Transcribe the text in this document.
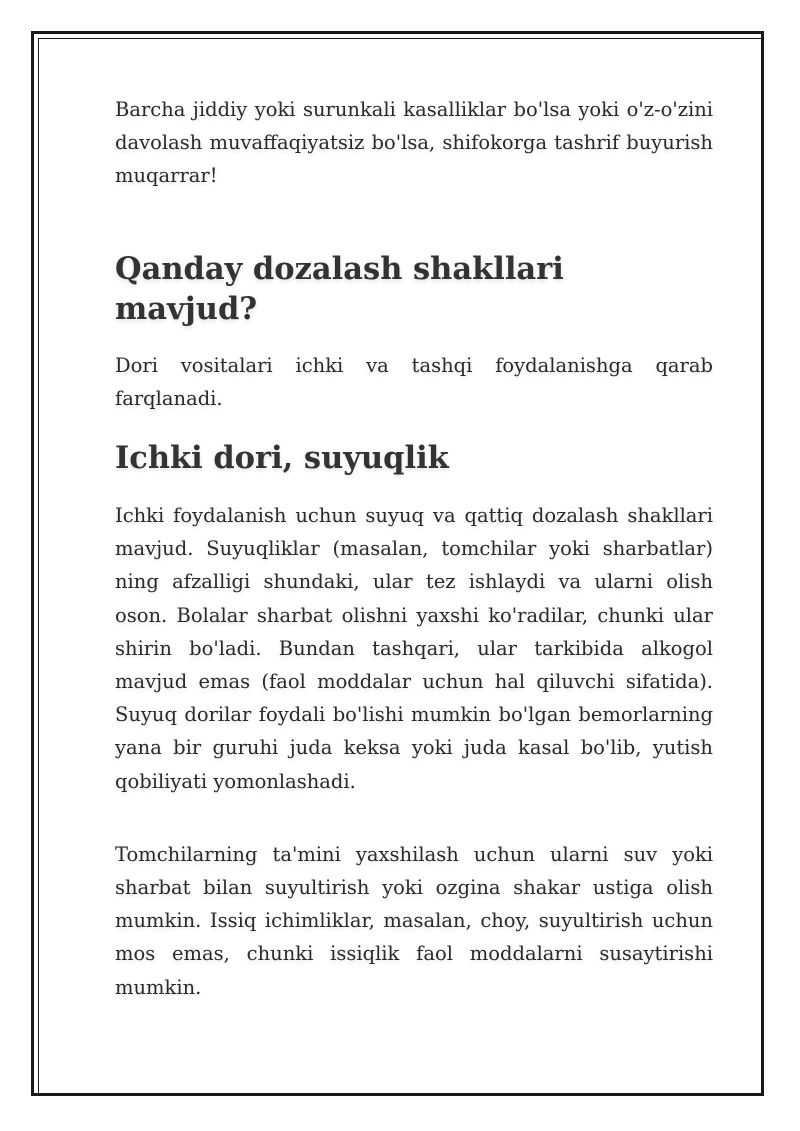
Barcha jiddiy yoki surunkali kasalliklar bo'lsa yoki o'z-o'zini davolash muvaffaqiyatsiz bo'lsa, shifokorga tashrif buyurish muqarrar!

Qanday dozalash shakllari mavjud?

Dori vositalari ichki va tashqi foydalanishga qarab farqlanadi.

Ichki dori, suyuqlik

Ichki foydalanish uchun suyuq va qattiq dozalash shakllari mavjud. Suyuqliklar (masalan, tomchilar yoki sharbatlar) ning afzalligi shundaki, ular tez ishlaydi va ularni olish oson. Bolalar sharbat olishni yaxshi ko'radilar, chunki ular shirin bo'ladi. Bundan tashqari, ular tarkibida alkogol mavjud emas (faol moddalar uchun hal qiluvchi sifatida). Suyuq dorilar foydali bo'lishi mumkin bo'lgan bemorlarning yana bir guruhi juda keksa yoki juda kasal bo'lib, yutish qobiliyati yomonlashadi.

Tomchilarning ta'mini yaxshilash uchun ularni suv yoki sharbat bilan suyultirish yoki ozgina shakar ustiga olish mumkin. Issiq ichimliklar, masalan, choy, suyultirish uchun mos emas, chunki issiqlik faol moddalarni susaytirishi mumkin.
